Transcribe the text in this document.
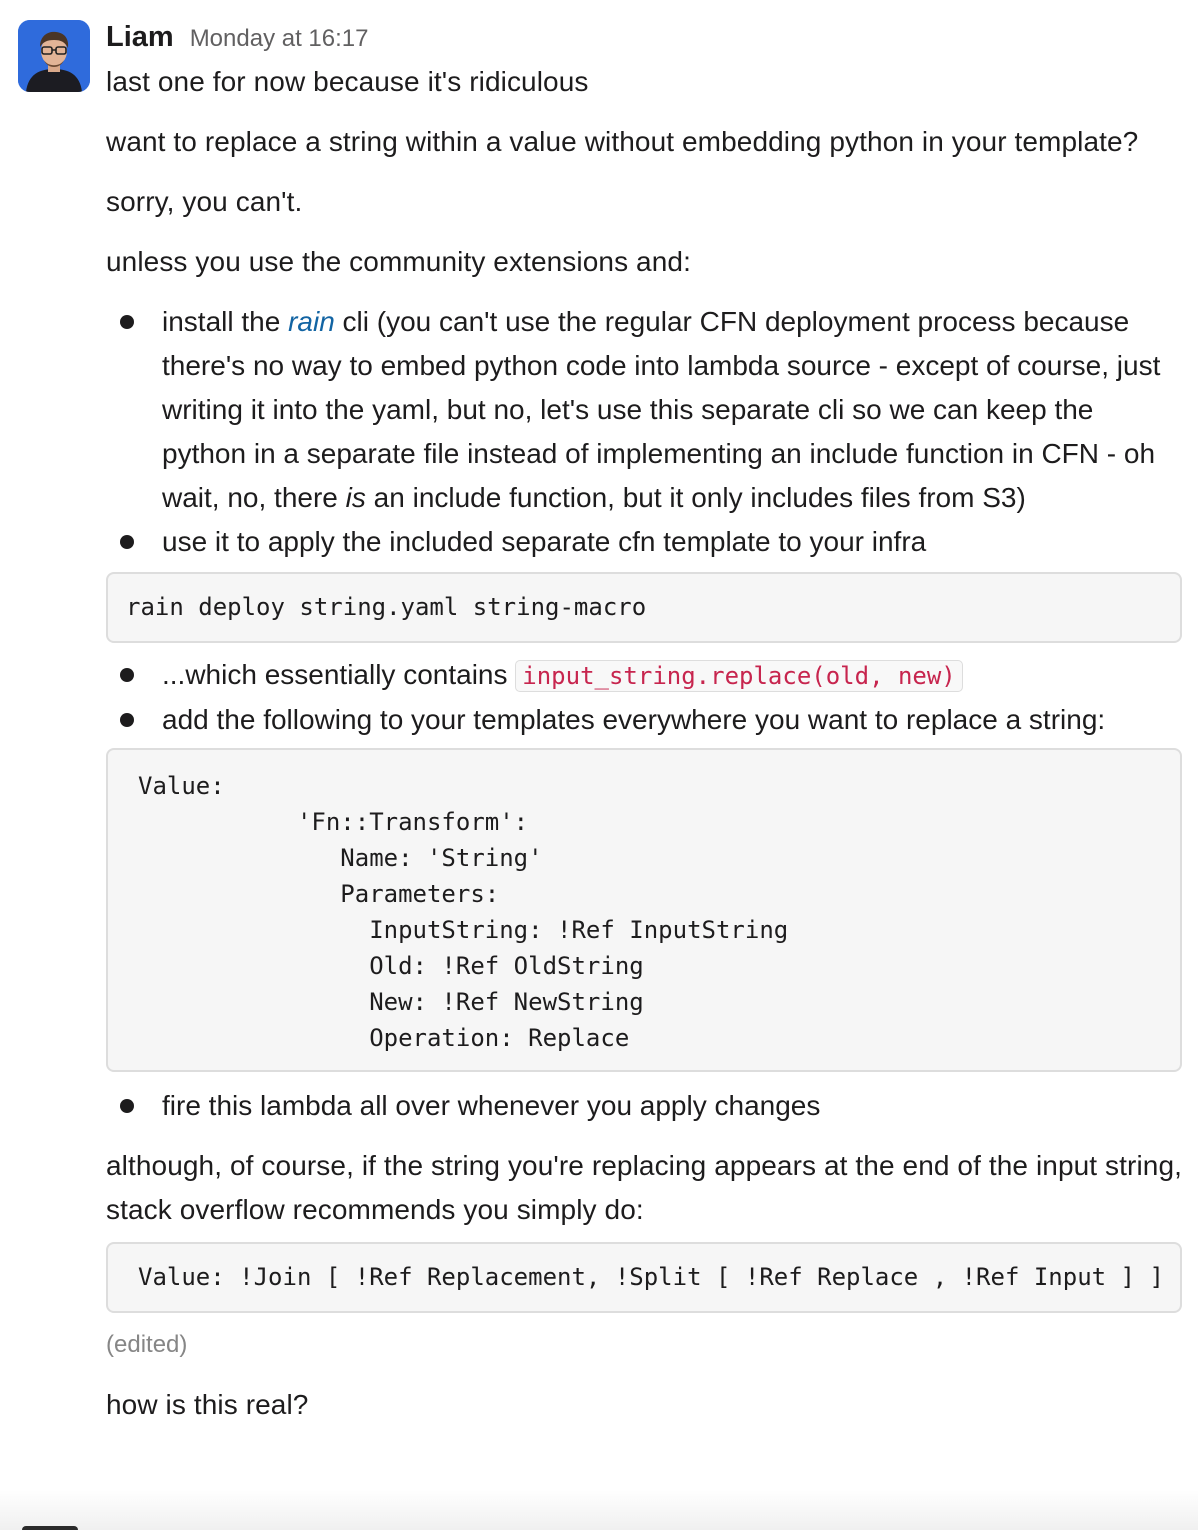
Liam Monday at 16:17

last one for now because it's ridiculous

want to replace a string within a value without embedding python in your template?

sorry, you can't.

unless you use the community extensions and:

install the rain cli (you can't use the regular CFN deployment process because there's no way to embed python code into lambda source - except of course, just writing it into the yaml, but no, let's use this separate cli so we can keep the python in a separate file instead of implementing an include function in CFN - oh wait, no, there is an include function, but it only includes files from S3)
use it to apply the included separate cfn template to your infra
rain deploy string.yaml string-macro
...which essentially contains input_string.replace(old, new)
add the following to your templates everywhere you want to replace a string:
Value:
'Fn::Transform':
Name: 'String'
Parameters:
InputString: !Ref InputString
Old: !Ref OldString
New: !Ref NewString
Operation: Replace
fire this lambda all over whenever you apply changes

although, of course, if the string you're replacing appears at the end of the input string, stack overflow recommends you simply do:

Value: !Join [ !Ref Replacement, !Split [ !Ref Replace , !Ref Input ] ]
(edited)

how is this real?
